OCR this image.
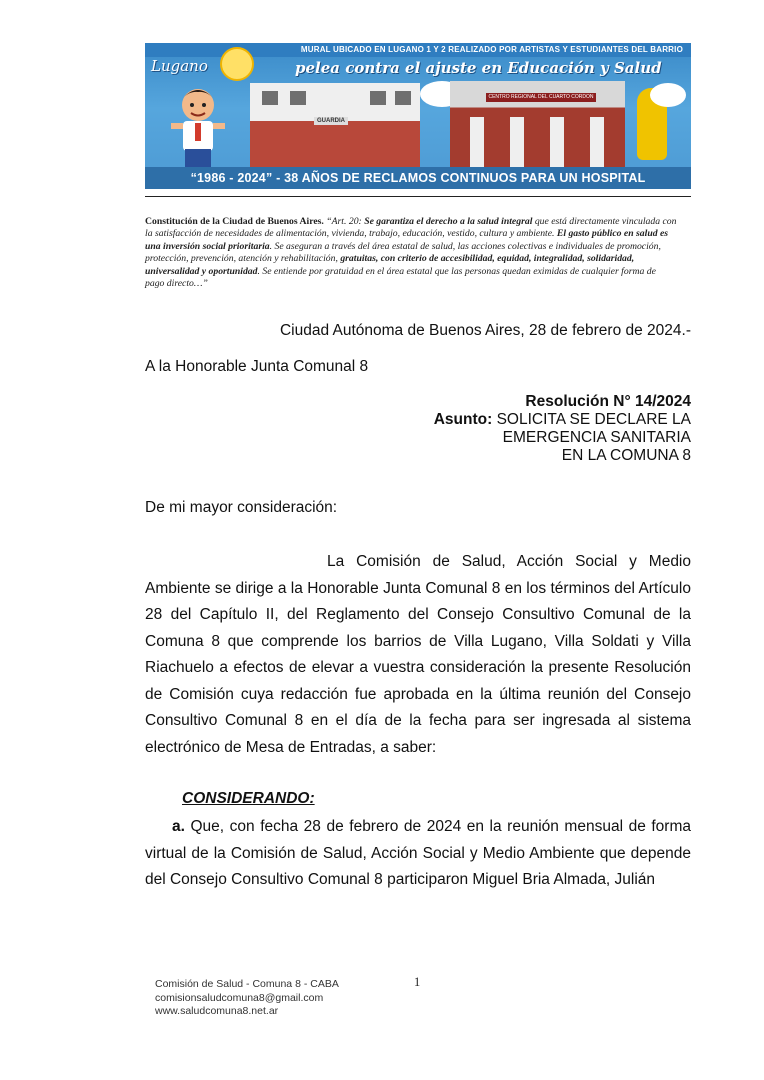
MURAL UBICADO EN LUGANO 1 Y 2 REALIZADO POR ARTISTAS Y ESTUDIANTES DEL BARRIO
Lugano	pelea contra el ajuste en Educación y Salud
GUARDIA
CENTRO REGIONAL DEL CUARTO CORDON
“1986 - 2024” - 38 AÑOS DE RECLAMOS CONTINUOS PARA UN HOSPITAL

Constitución de la Ciudad de Buenos Aires. “Art. 20: Se garantiza el derecho a la salud integral que está directamente vinculada con la satisfacción de necesidades de alimentación, vivienda, trabajo, educación, vestido, cultura y ambiente. El gasto público en salud es una inversión social prioritaria. Se aseguran a través del área estatal de salud, las acciones colectivas e individuales de promoción, protección, prevención, atención y rehabilitación, gratuitas, con criterio de accesibilidad, equidad, integralidad, solidaridad, universalidad y oportunidad. Se entiende por gratuidad en el área estatal que las personas quedan eximidas de cualquier forma de pago directo…”

Ciudad Autónoma de Buenos Aires, 28 de febrero de 2024.-
A la Honorable Junta Comunal 8
Resolución N° 14/2024
Asunto: SOLICITA SE DECLARE LA
EMERGENCIA SANITARIA
EN LA COMUNA 8
De mi mayor consideración:

La Comisión de Salud, Acción Social y Medio Ambiente se dirige a la Honorable Junta Comunal 8 en los términos del Artículo 28 del Capítulo II, del Reglamento del Consejo Consultivo Comunal de la Comuna 8 que comprende los barrios de Villa Lugano, Villa Soldati y Villa Riachuelo a efectos de elevar a vuestra consideración la presente Resolución de Comisión cuya redacción fue aprobada en la última reunión del Consejo Consultivo Comunal 8 en el día de la fecha para ser ingresada al sistema electrónico de Mesa de Entradas, a saber:

CONSIDERANDO:

a. Que, con fecha 28 de febrero de 2024 en la reunión mensual de forma virtual de la Comisión de Salud, Acción Social y Medio Ambiente que depende del Consejo Consultivo Comunal 8 participaron Miguel Bria Almada, Julián

Comisión de Salud - Comuna 8 - CABA
comisionsaludcomuna8@gmail.com
www.saludcomuna8.net.ar
1
